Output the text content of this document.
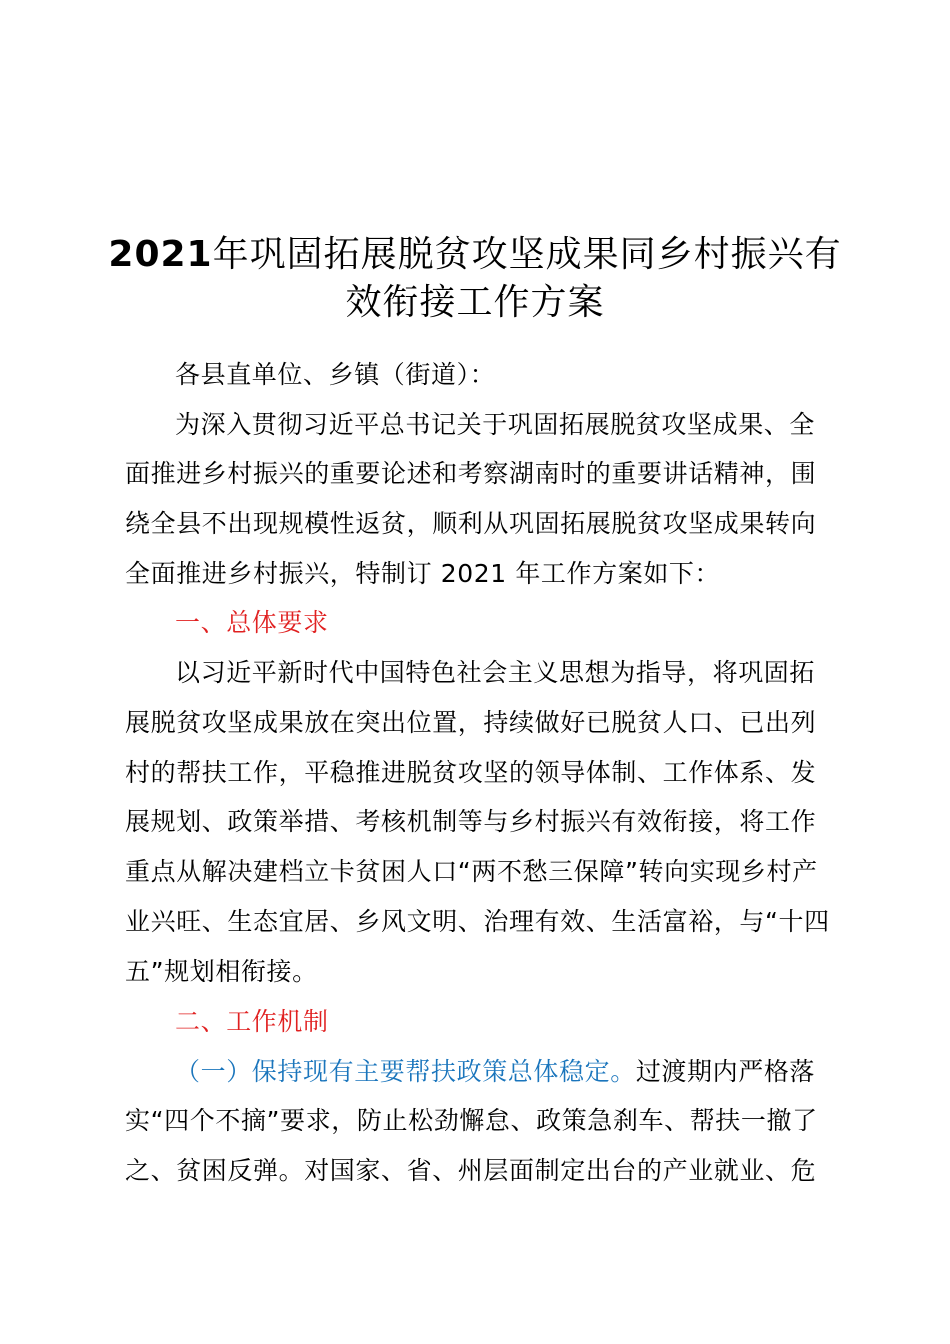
2021年巩固拓展脱贫攻坚成果同乡村振兴有
效衔接工作方案
各县直单位、乡镇（街道）：
为深入贯彻习近平总书记关于巩固拓展脱贫攻坚成果、全
面推进乡村振兴的重要论述和考察湖南时的重要讲话精神，围
绕全县不出现规模性返贫，顺利从巩固拓展脱贫攻坚成果转向
全面推进乡村振兴，特制订 2021 年工作方案如下：
一、总体要求
以习近平新时代中国特色社会主义思想为指导，将巩固拓
展脱贫攻坚成果放在突出位置，持续做好已脱贫人口、已出列
村的帮扶工作，平稳推进脱贫攻坚的领导体制、工作体系、发
展规划、政策举措、考核机制等与乡村振兴有效衔接，将工作
重点从解决建档立卡贫困人口“两不愁三保障”转向实现乡村产
业兴旺、生态宜居、乡风文明、治理有效、生活富裕，与“十四
五”规划相衔接。
二、工作机制
（一）保持现有主要帮扶政策总体稳定。过渡期内严格落
实“四个不摘”要求，防止松劲懈怠、政策急刹车、帮扶一撤了
之、贫困反弹。对国家、省、州层面制定出台的产业就业、危
